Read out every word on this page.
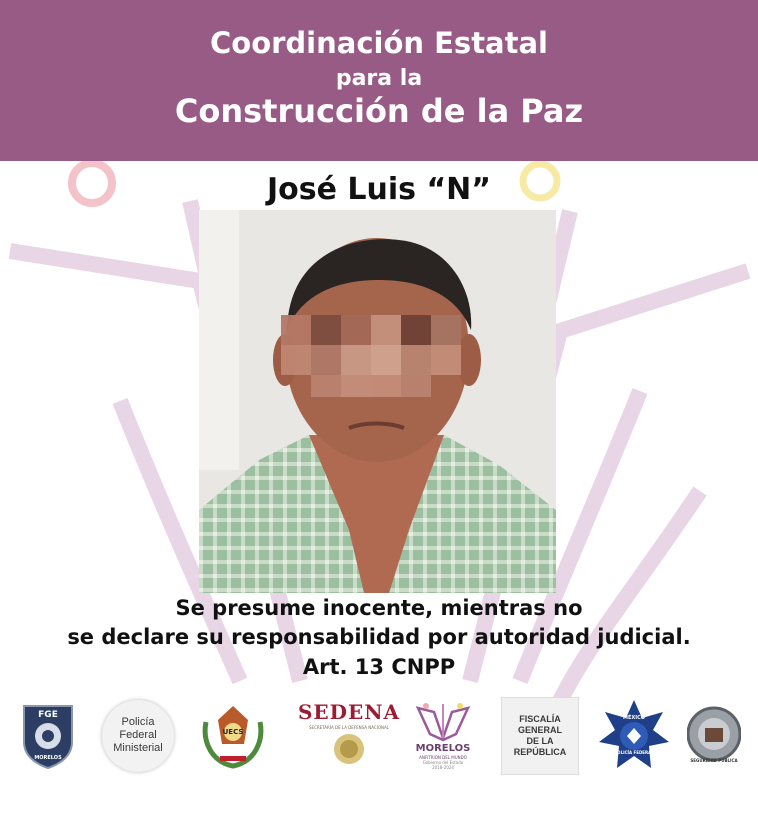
Coordinación Estatal
para la
Construcción de la Paz
José Luis “N”
Se presume inocente, mientras no
se declare su responsabilidad por autoridad judicial.
Art. 13 CNPP
FGE
MORELOS
Policía
Federal
Ministerial
UECS
SEDENA
SECRETARÍA DE LA DEFENSA NACIONAL
MORELOS
ANFITRIÓN DEL MUNDO
Gobierno del Estado
2018-2024
FISCALÍA
GENERAL
DE LA
REPÚBLICA
MÉXICO
POLICÍA FEDERAL
SEGURIDAD PÚBLICA
